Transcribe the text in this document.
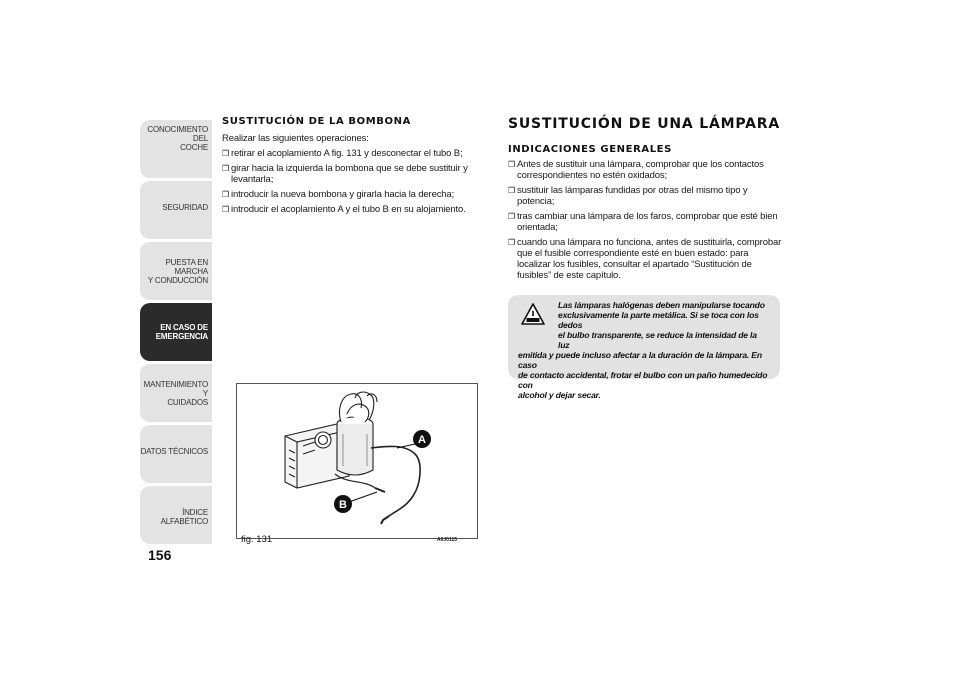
CONOCIMIENTO DEL
COCHE
SEGURIDAD
PUESTA EN MARCHA
Y CONDUCCIÓN
EN CASO DE
EMERGENCIA
MANTENIMIENTO Y
CUIDADOS
DATOS TÉCNICOS
ÍNDICE ALFABÉTICO
156
SUSTITUCIÓN DE LA BOMBONA
Realizar las siguientes operaciones:
❒ retirar el acoplamiento A fig. 131 y desconectar el tubo B;
❒ girar hacia la izquierda la bombona que se debe sustituir y levantarla;
❒ introducir la nueva bombona y girarla hacia la derecha;
❒ introducir el acoplamiento A y el tubo B en su alojamiento.
A
B
fig. 131	A0J0115
SUSTITUCIÓN DE UNA LÁMPARA
INDICACIONES GENERALES
❒ Antes de sustituir una lámpara, comprobar que los contactos correspondientes no estén oxidados;
❒ sustituir las lámparas fundidas por otras del mismo tipo y potencia;
❒ tras cambiar una lámpara de los faros, comprobar que esté bien orientada;
❒ cuando una lámpara no funciona, antes de sustituirla, comprobar que el fusible correspondiente esté en buen estado: para localizar los fusibles, consultar el apartado “Sustitución de fusibles” de este capítulo.
Las lámparas halógenas deben manipularse tocando
exclusivamente la parte metálica. Si se toca con los dedos
el bulbo transparente, se reduce la intensidad de la luz
emitida y puede incluso afectar a la duración de la lámpara. En caso
de contacto accidental, frotar el bulbo con un paño humedecido con
alcohol y dejar secar.
